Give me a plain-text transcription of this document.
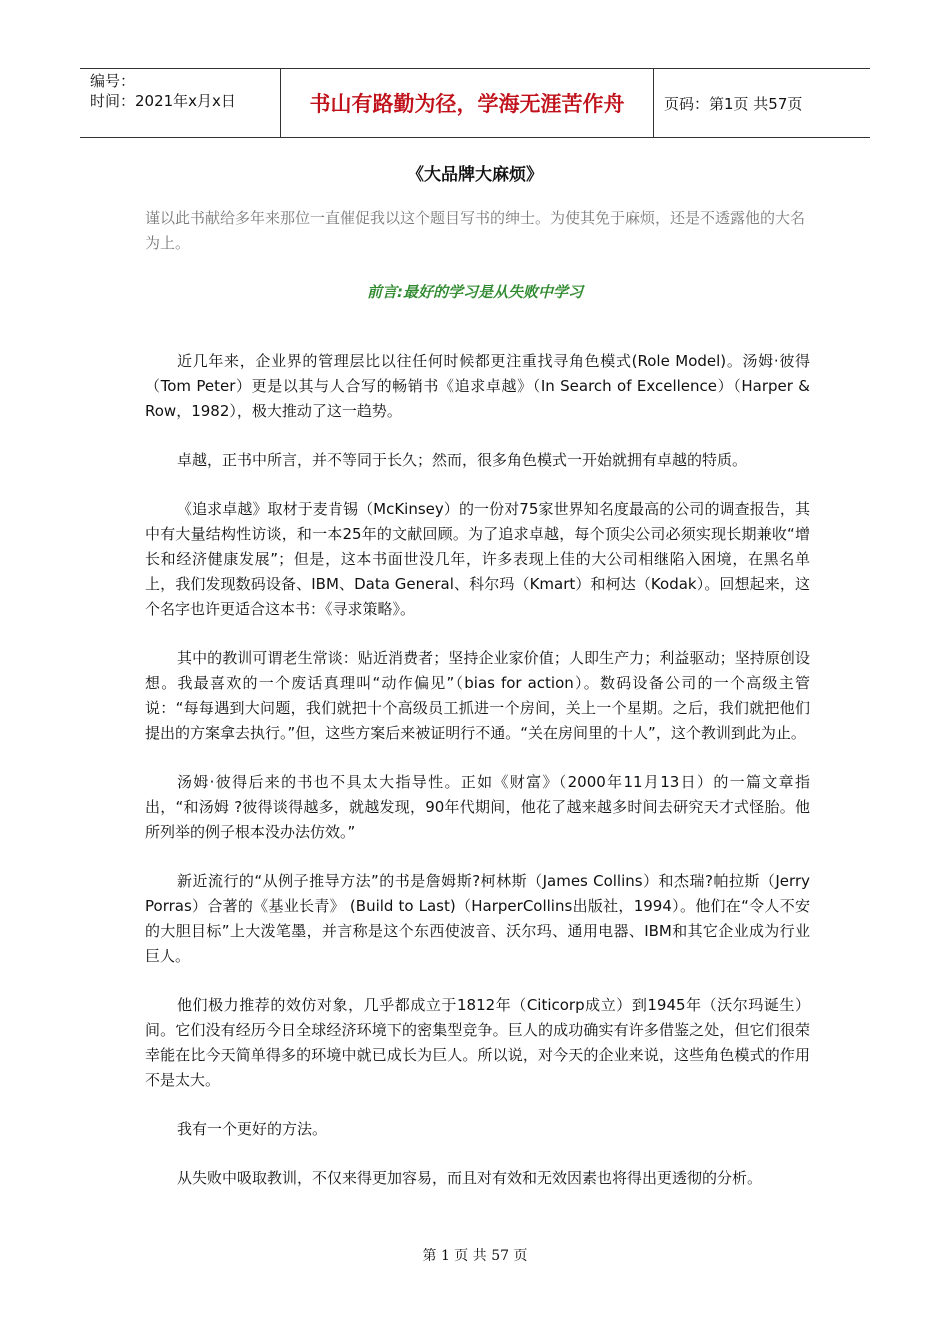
编号：
时间：2021年x月x日	书山有路勤为径，学海无涯苦作舟	页码：第1页 共57页
《大品牌大麻烦》
谨以此书献给多年来那位一直催促我以这个题目写书的绅士。为使其免于麻烦，还是不透露他的大名为上。
前言:最好的学习是从失败中学习

近几年来，企业界的管理层比以往任何时候都更注重找寻角色模式(Role Model)。汤姆·彼得（Tom Peter）更是以其与人合写的畅销书《追求卓越》（In Search of Excellence）（Harper & Row，1982），极大推动了这一趋势。

卓越，正书中所言，并不等同于长久；然而，很多角色模式一开始就拥有卓越的特质。

《追求卓越》取材于麦肯锡（McKinsey）的一份对75家世界知名度最高的公司的调查报告，其中有大量结构性访谈，和一本25年的文献回顾。为了追求卓越，每个顶尖公司必须实现长期兼收“增长和经济健康发展”；但是，这本书面世没几年，许多表现上佳的大公司相继陷入困境，在黑名单上，我们发现数码设备、IBM、Data General、科尔玛（Kmart）和柯达（Kodak）。回想起来，这个名字也许更适合这本书：《寻求策略》。

其中的教训可谓老生常谈：贴近消费者；坚持企业家价值；人即生产力；利益驱动；坚持原创设想。我最喜欢的一个废话真理叫“动作偏见”（bias for action）。数码设备公司的一个高级主管说：“每每遇到大问题，我们就把十个高级员工抓进一个房间，关上一个星期。之后，我们就把他们提出的方案拿去执行。”但，这些方案后来被证明行不通。“关在房间里的十人”，这个教训到此为止。

汤姆·彼得后来的书也不具太大指导性。正如《财富》（2000年11月13日）的一篇文章指出，“和汤姆 ?彼得谈得越多，就越发现，90年代期间，他花了越来越多时间去研究天才式怪胎。他所列举的例子根本没办法仿效。”

新近流行的“从例子推导方法”的书是詹姆斯?柯林斯（James Collins）和杰瑞?帕拉斯（Jerry Porras）合著的《基业长青》 (Build to Last)（HarperCollins出版社，1994）。他们在“令人不安的大胆目标”上大泼笔墨，并言称是这个东西使波音、沃尔玛、通用电器、IBM和其它企业成为行业巨人。

他们极力推荐的效仿对象，几乎都成立于1812年（Citicorp成立）到1945年（沃尔玛诞生）间。它们没有经历今日全球经济环境下的密集型竞争。巨人的成功确实有许多借鉴之处，但它们很荣幸能在比今天简单得多的环境中就已成长为巨人。所以说，对今天的企业来说，这些角色模式的作用不是太大。

我有一个更好的方法。

从失败中吸取教训，不仅来得更加容易，而且对有效和无效因素也将得出更透彻的分析。

第 1 页 共 57 页
